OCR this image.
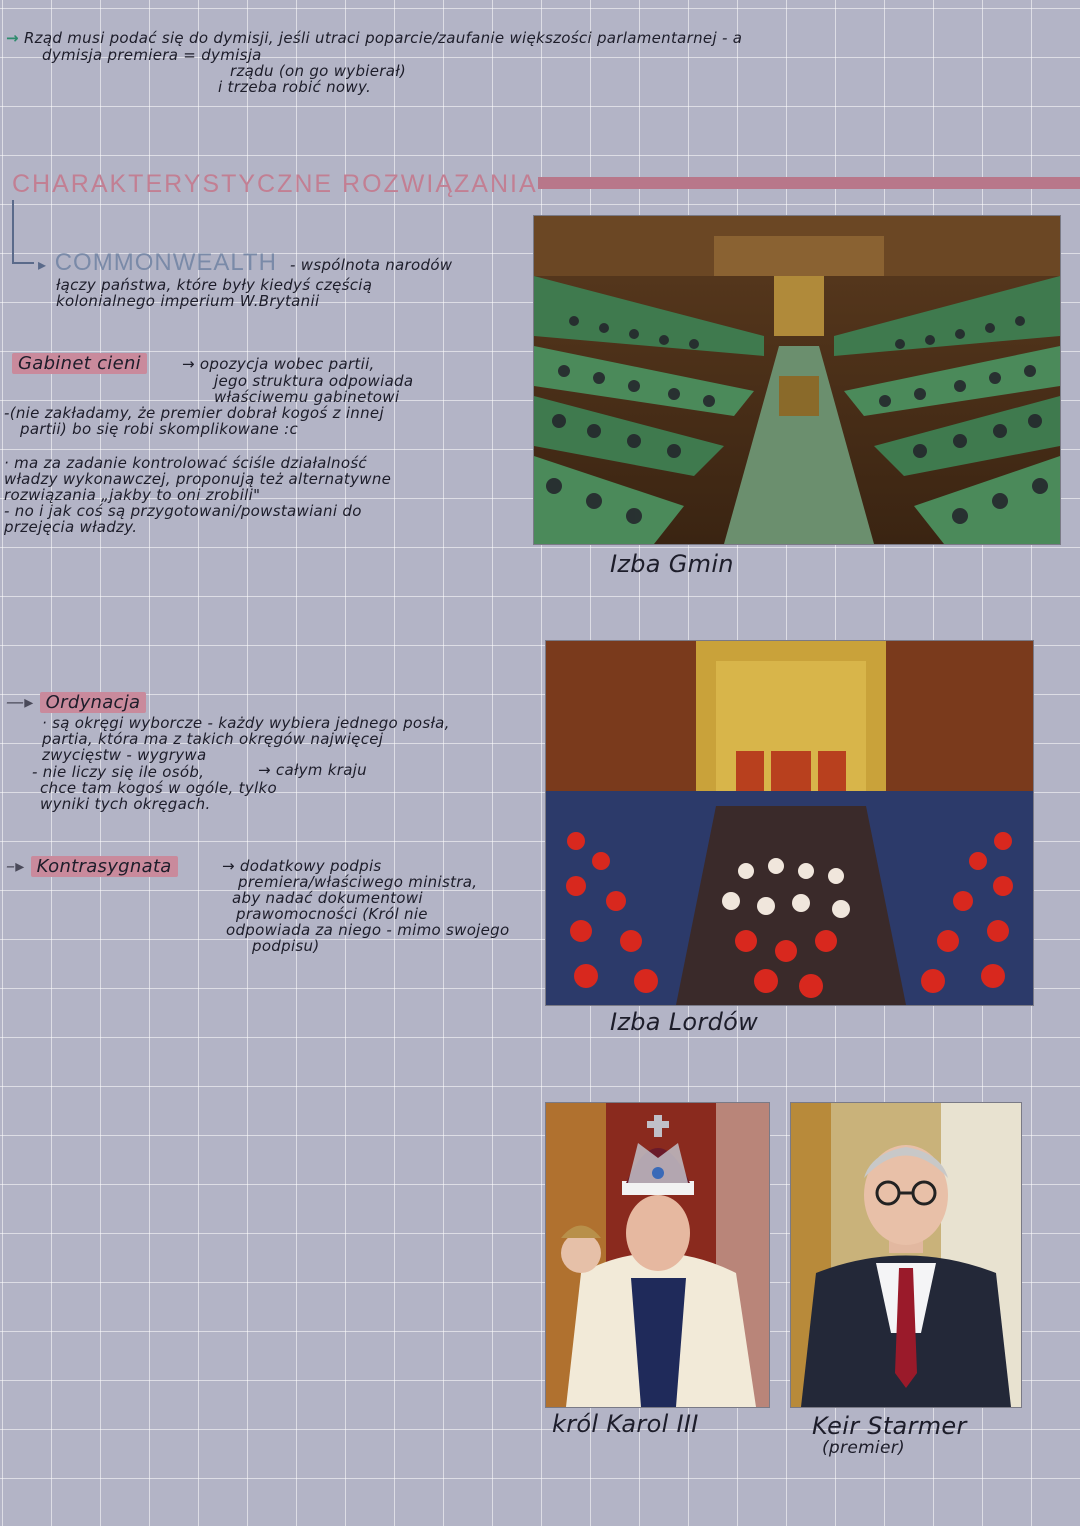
→ Rząd musi podać się do dymisji, jeśli utraci poparcie/zaufanie większości parlamentarnej - a
dymisja premiera = dymisja
rządu (on go wybierał)
i trzeba robić nowy.
CHARAKTERYSTYCZNE ROZWIĄZANIA
▸ COMMONWEALTH - wspólnota narodów
łączy państwa, które były kiedyś częścią
kolonialnego imperium W.Brytanii
Gabinet cieni	→ opozycja wobec partii,
jego struktura odpowiada
właściwemu gabinetowi
-(nie zakładamy, że premier dobrał kogoś z innej
partii) bo się robi skomplikowane :c
· ma za zadanie kontrolować ściśle działalność
władzy wykonawczej, proponują też alternatywne
rozwiązania „jakby to oni zrobili"
- no i jak coś są przygotowani/powstawiani do
przejęcia władzy.
Izba Gmin
Izba Lordów
—▸ Ordynacja
· są okręgi wyborcze - każdy wybiera jednego posła,
partia, która ma z takich okręgów najwięcej
zwycięstw - wygrywa
- nie liczy się ile osób,	→ całym kraju
chce tam kogoś w ogóle, tylko
wyniki tych okręgach.
–▸ Kontrasygnata	→ dodatkowy podpis
premiera/właściwego ministra,
aby nadać dokumentowi
prawomocności (Król nie
odpowiada za niego - mimo swojego
podpisu)
król Karol III	Keir Starmer
(premier)
